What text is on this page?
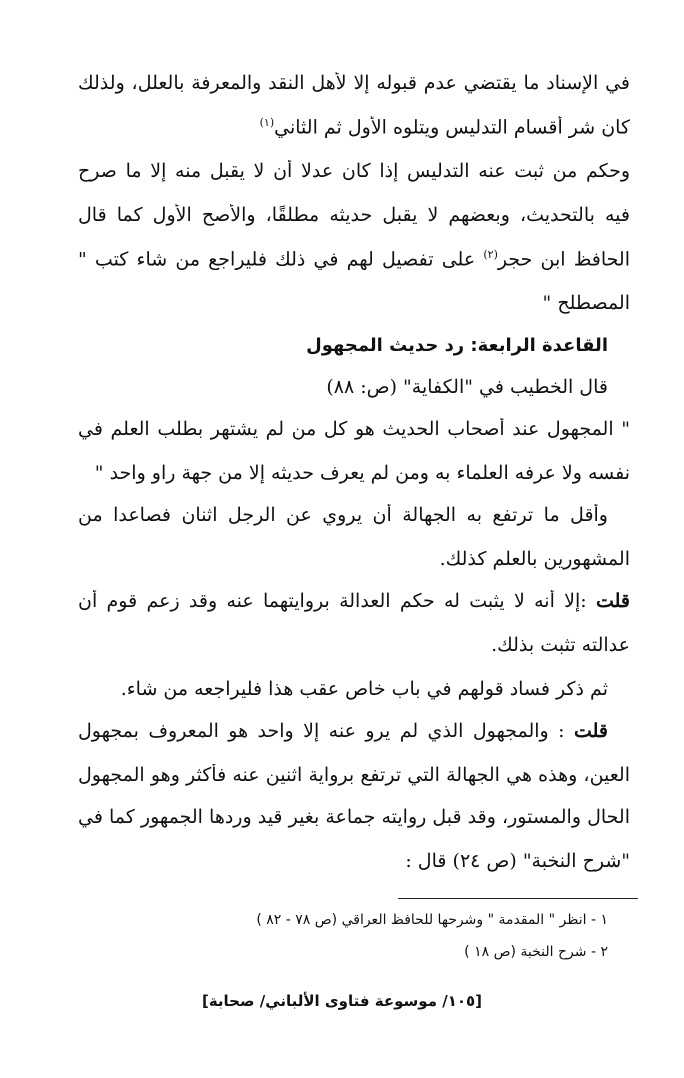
في الإسناد ما يقتضي عدم قبوله إلا لأهل النقد والمعرفة بالعلل، ولذلك
كان شر أقسام التدليس ويتلوه الأول ثم الثاني$^{(١)}$
وحكم من ثبت عنه التدليس إذا كان عدلا أن لا يقبل منه إلا ما صرح
فيه بالتحديث، وبعضهم لا يقبل حديثه مطلقًا، والأصح الأول كما قال
الحافظ ابن حجر$^{(٢)}$ على تفصيل لهم في ذلك فليراجع من شاء كتب "
المصطلح "
القاعدة الرابعة: رد حديث المجهول
قال الخطيب في "الكفاية" (ص: ٨٨)
" المجهول عند أصحاب الحديث هو كل من لم يشتهر بطلب العلم في
نفسه ولا عرفه العلماء به ومن لم يعرف حديثه إلا من جهة راو واحد "
وأقل ما ترتفع به الجهالة أن يروي عن الرجل اثنان فصاعدا من
المشهورين بالعلم كذلك.
قلت :إلا أنه لا يثبت له حكم العدالة بروايتهما عنه وقد زعم قوم أن
عدالته تثبت بذلك.
ثم ذكر فساد قولهم في باب خاص عقب هذا فليراجعه من شاء.
قلت : والمجهول الذي لم يرو عنه إلا واحد هو المعروف بمجهول
العين، وهذه هي الجهالة التي ترتفع برواية اثنين عنه فأكثر وهو المجهول
الحال والمستور، وقد قبل روايته جماعة بغير قيد وردها الجمهور كما في
"شرح النخبة" (ص ٢٤) قال :
١ - انظر " المقدمة " وشرحها للحافظ العراقي (ص ٧٨ - ٨٢ )
٢ - شرح النخبة (ص ١٨ )
[١٠٥/ موسوعة فتاوى الألباني/ صحابة]
